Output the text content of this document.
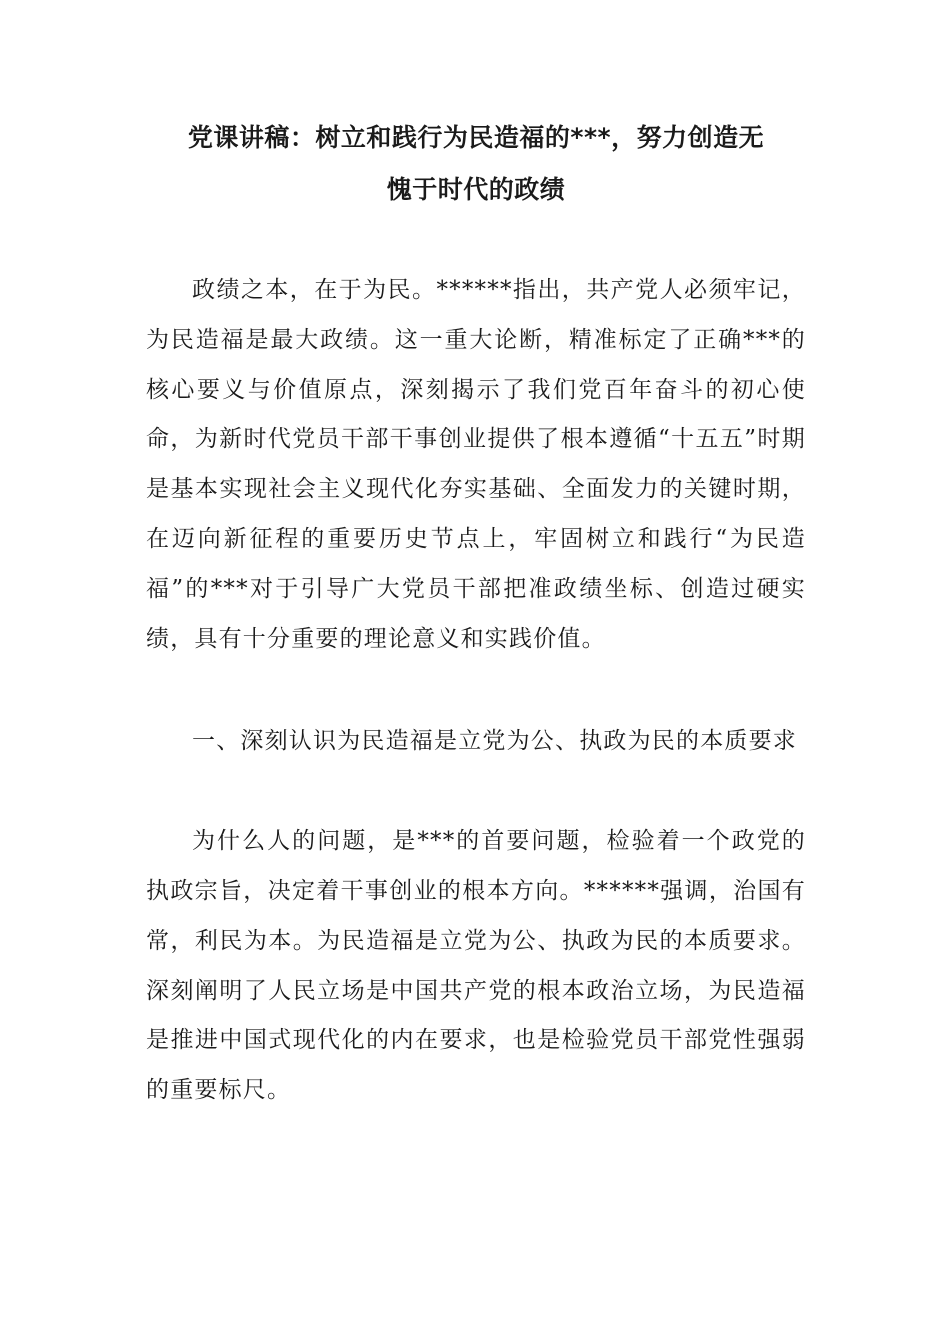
党课讲稿：树立和践行为民造福的***，努力创造无
愧于时代的政绩

政绩之本，在于为民。******指出，共产党人必须牢记，为民造福是最大政绩。这一重大论断，精准标定了正确***的核心要义与价值原点，深刻揭示了我们党百年奋斗的初心使命，为新时代党员干部干事创业提供了根本遵循“十五五”时期是基本实现社会主义现代化夯实基础、全面发力的关键时期，在迈向新征程的重要历史节点上，牢固树立和践行“为民造福”的***对于引导广大党员干部把准政绩坐标、创造过硬实绩，具有十分重要的理论意义和实践价值。

一、深刻认识为民造福是立党为公、执政为民的本质要求

为什么人的问题，是***的首要问题，检验着一个政党的执政宗旨，决定着干事创业的根本方向。******强调，治国有常，利民为本。为民造福是立党为公、执政为民的本质要求。深刻阐明了人民立场是中国共产党的根本政治立场，为民造福是推进中国式现代化的内在要求，也是检验党员干部党性强弱的重要标尺。
